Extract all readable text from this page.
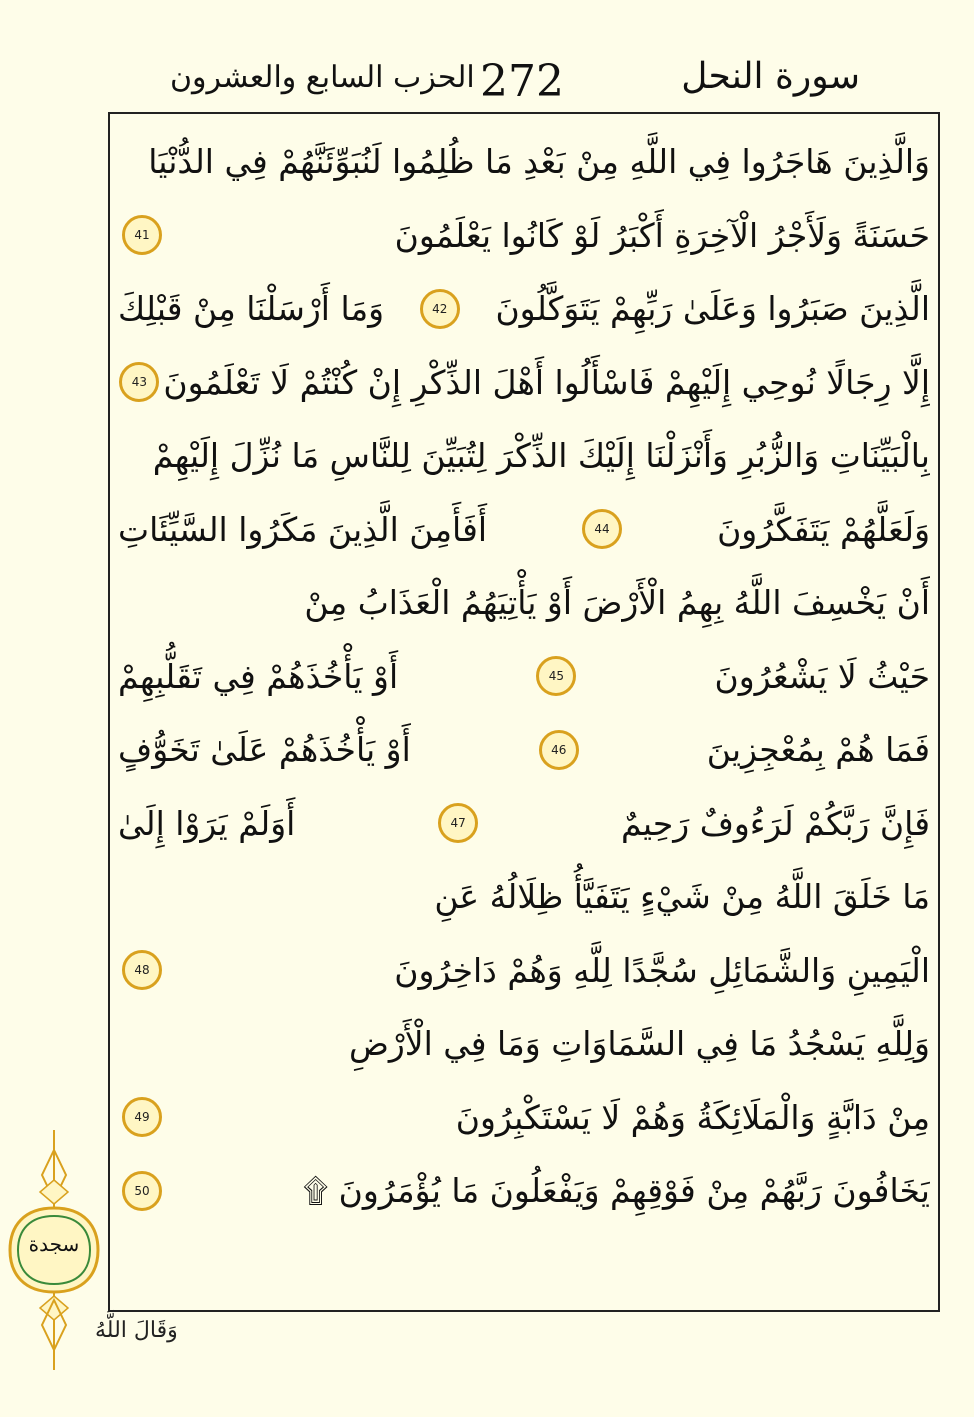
الحزب السابع والعشرون 272	سورة النحل
وَالَّذِينَ هَاجَرُوا فِي اللَّهِ مِنْ بَعْدِ مَا ظُلِمُوا لَنُبَوِّئَنَّهُمْ فِي الدُّنْيَا
حَسَنَةً وَلَأَجْرُ الْآخِرَةِ أَكْبَرُ لَوْ كَانُوا يَعْلَمُونَ
41
الَّذِينَ صَبَرُوا وَعَلَىٰ رَبِّهِمْ يَتَوَكَّلُونَ
42
وَمَا أَرْسَلْنَا مِنْ قَبْلِكَ
إِلَّا رِجَالًا نُوحِي إِلَيْهِمْ فَاسْأَلُوا أَهْلَ الذِّكْرِ إِنْ كُنْتُمْ لَا تَعْلَمُونَ
43
بِالْبَيِّنَاتِ وَالزُّبُرِ وَأَنْزَلْنَا إِلَيْكَ الذِّكْرَ لِتُبَيِّنَ لِلنَّاسِ مَا نُزِّلَ إِلَيْهِمْ
وَلَعَلَّهُمْ يَتَفَكَّرُونَ
44
أَفَأَمِنَ الَّذِينَ مَكَرُوا السَّيِّئَاتِ
أَنْ يَخْسِفَ اللَّهُ بِهِمُ الْأَرْضَ أَوْ يَأْتِيَهُمُ الْعَذَابُ مِنْ
حَيْثُ لَا يَشْعُرُونَ
45
أَوْ يَأْخُذَهُمْ فِي تَقَلُّبِهِمْ
فَمَا هُمْ بِمُعْجِزِينَ
46
أَوْ يَأْخُذَهُمْ عَلَىٰ تَخَوُّفٍ
فَإِنَّ رَبَّكُمْ لَرَءُوفٌ رَحِيمٌ
47
أَوَلَمْ يَرَوْا إِلَىٰ
مَا خَلَقَ اللَّهُ مِنْ شَيْءٍ يَتَفَيَّأُ ظِلَالُهُ عَنِ
الْيَمِينِ وَالشَّمَائِلِ سُجَّدًا لِلَّهِ وَهُمْ دَاخِرُونَ
48
وَلِلَّهِ يَسْجُدُ مَا فِي السَّمَاوَاتِ وَمَا فِي الْأَرْضِ
مِنْ دَابَّةٍ وَالْمَلَائِكَةُ وَهُمْ لَا يَسْتَكْبِرُونَ
49
يَخَافُونَ رَبَّهُمْ مِنْ فَوْقِهِمْ وَيَفْعَلُونَ مَا يُؤْمَرُونَ ۩
50
سجدة
وَقَالَ اللَّهُ
